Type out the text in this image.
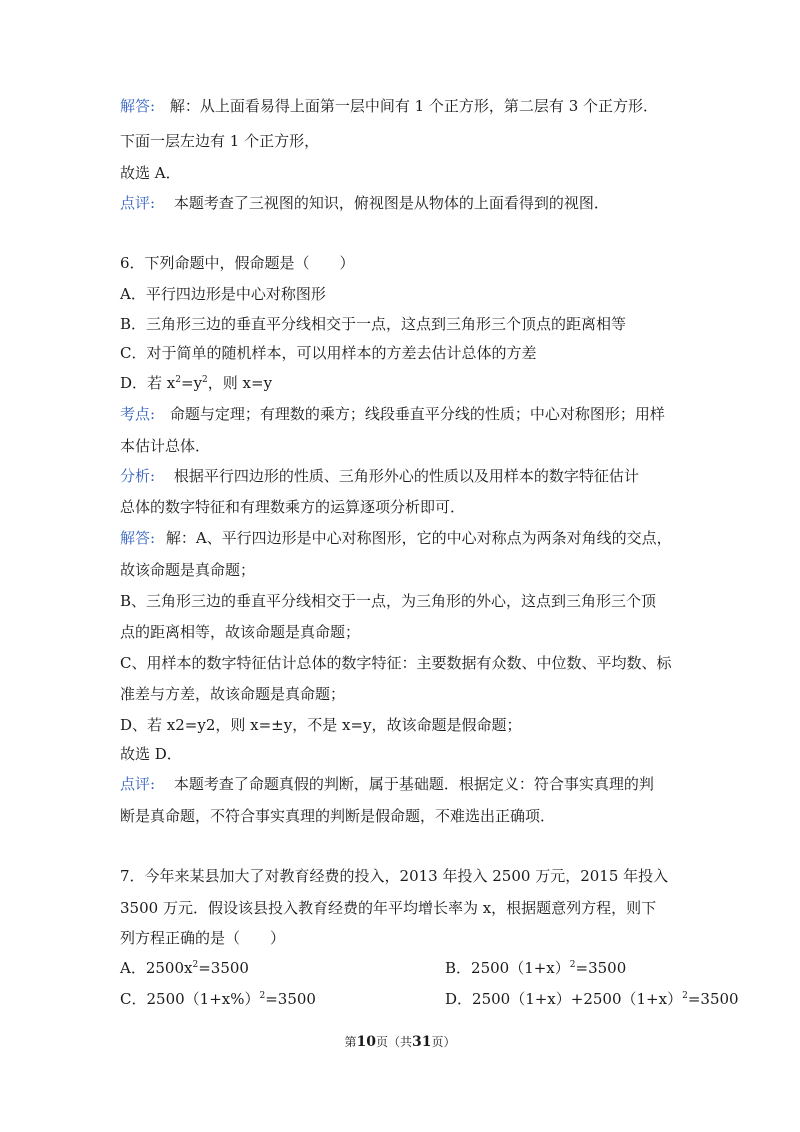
解答: 解：从上面看易得上面第一层中间有 1 个正方形，第二层有 3 个正方形．
下面一层左边有 1 个正方形，
故选 A．
点评: 本题考查了三视图的知识，俯视图是从物体的上面看得到的视图．
6．下列命题中，假命题是（　　）
A．平行四边形是中心对称图形
B．三角形三边的垂直平分线相交于一点，这点到三角形三个顶点的距离相等
C．对于简单的随机样本，可以用样本的方差去估计总体的方差
D．若 $x^2=y^2$，则 x=y
考点: 命题与定理；有理数的乘方；线段垂直平分线的性质；中心对称图形；用样
本估计总体．
分析: 根据平行四边形的性质、三角形外心的性质以及用样本的数字特征估计
总体的数字特征和有理数乘方的运算逐项分析即可．
解答: 解：A、平行四边形是中心对称图形，它的中心对称点为两条对角线的交点，
故该命题是真命题；
B、三角形三边的垂直平分线相交于一点，为三角形的外心，这点到三角形三个顶
点的距离相等，故该命题是真命题；
C、用样本的数字特征估计总体的数字特征：主要数据有众数、中位数、平均数、标
准差与方差，故该命题是真命题；
D、若 x2=y2，则 x=±y，不是 x=y，故该命题是假命题；
故选 D．
点评: 本题考查了命题真假的判断，属于基础题．根据定义：符合事实真理的判
断是真命题，不符合事实真理的判断是假命题，不难选出正确项．
7．今年来某县加大了对教育经费的投入，2013 年投入 2500 万元，2015 年投入
3500 万元．假设该县投入教育经费的年平均增长率为 x，根据题意列方程，则下
列方程正确的是（　　）
A．$2500x^2=3500$	B．$2500(1+x)^2=3500$
C．$2500(1+x\%)^2=3500$	D．$2500(1+x)+2500(1+x)^2=3500$
第10页（共31页）
